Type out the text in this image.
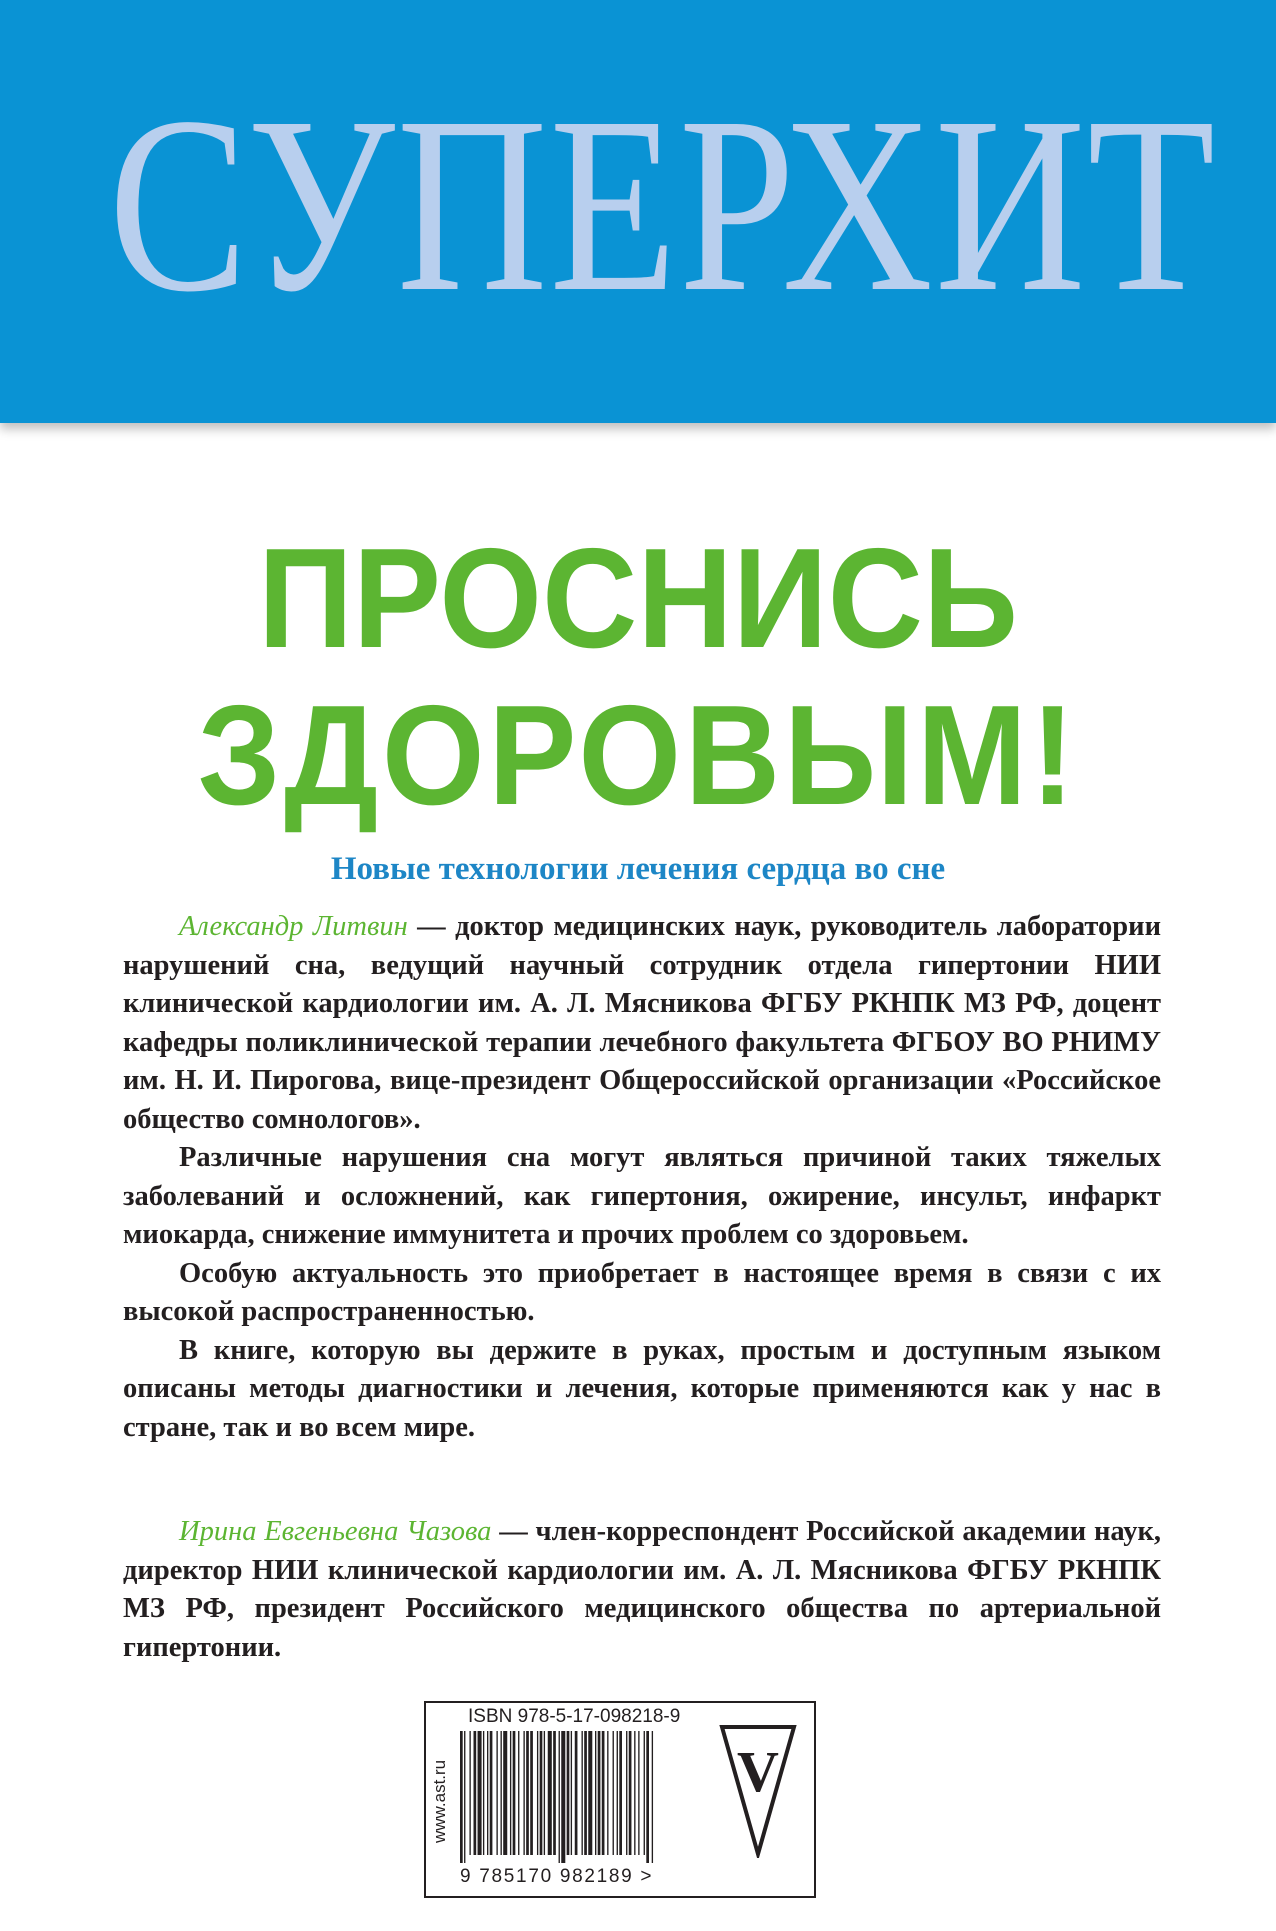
СУПЕРХИТ
ПРОСНИСЬ
ЗДОРОВЫМ!
Новые технологии лечения сердца во сне

Александр Литвин — доктор медицинских наук, руководитель лаборатории нарушений сна, ведущий научный сотрудник отдела гипертонии НИИ клинической кардиологии им. А. Л. Мясникова ФГБУ РКНПК МЗ РФ, доцент кафедры поликлинической терапии лечебного факультета ФГБОУ ВО РНИМУ им. Н. И. Пирогова, вице-президент Общероссийской организации «Российское общество сомнологов».

Различные нарушения сна могут являться причиной таких тяжелых заболеваний и осложнений, как гипертония, ожирение, инсульт, инфаркт миокарда, снижение иммунитета и прочих проблем со здоровьем.

Особую актуальность это приобретает в настоящее время в связи с их высокой распространенностью.

В книге, которую вы держите в руках, простым и доступным языком описаны методы диагностики и лечения, которые применяются как у нас в стране, так и во всем мире.

Ирина Евгеньевна Чазова — член-корреспондент Российской академии наук, директор НИИ клинической кардиологии им. А. Л. Мясникова ФГБУ РКНПК МЗ РФ, президент Российского медицинского общества по артериальной гипертонии.

www.ast.ru
ISBN 978-5-17-098218-9
9 785170 982189 >
V
